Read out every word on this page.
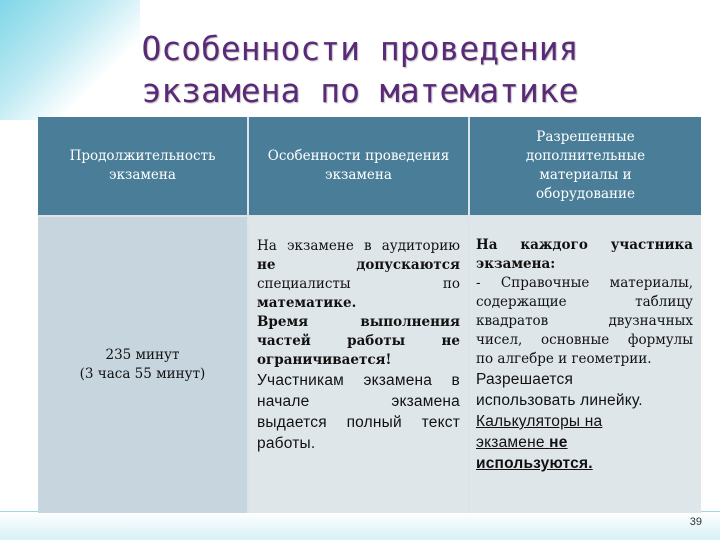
Особенности проведения
экзамена по математике
Продолжительность экзамена
Особенности проведения экзамена
Разрешенные дополнительные материалы и оборудование
235 минут
(3 часа 55 минут)
На экзамене в аудиторию
не допускаются
специалисты по
математике.
Время выполнения
частей работы не
ограничивается!
Участникам экзамена в
начале экзамена
выдается полный текст
работы.
На каждого участника
экзамена:
- Справочные материалы,
содержащие таблицу
квадратов двузначных
чисел, основные формулы
по алгебре и геометрии.
Разрешается
использовать линейку.
Калькуляторы на
экзамене не
используются.
39
